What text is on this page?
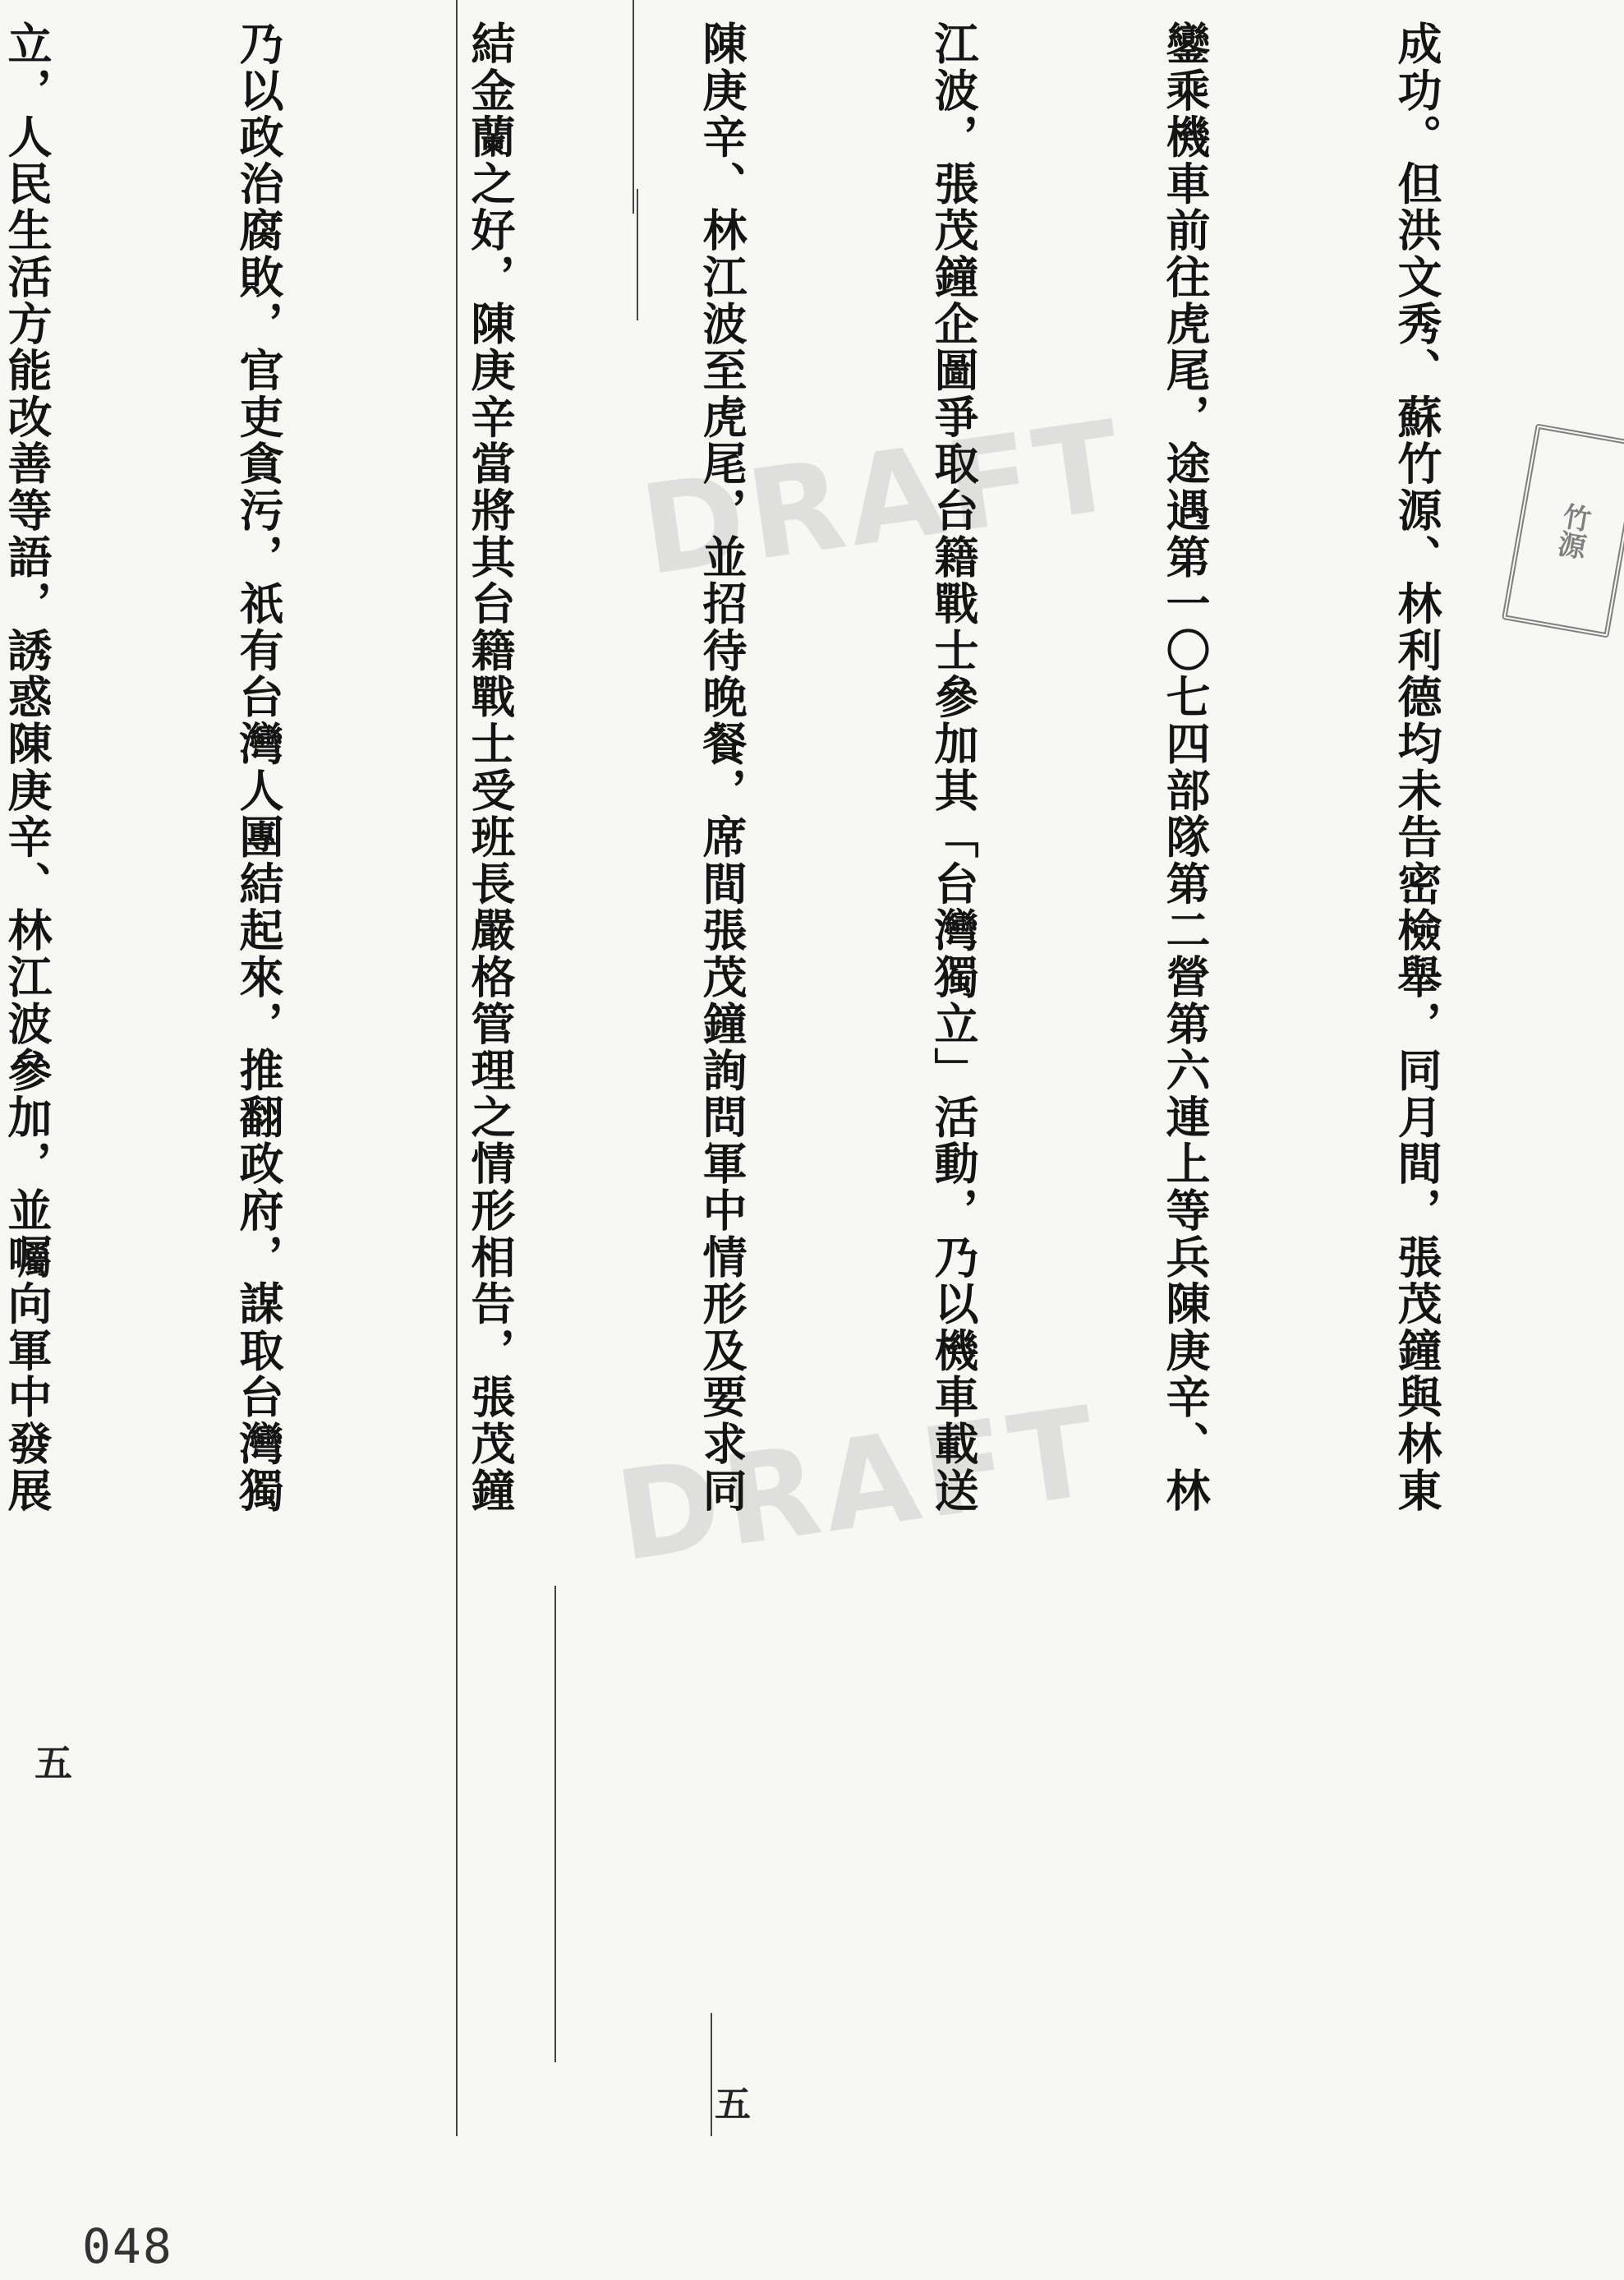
DRAFT
DRAFT
竹源

成功。但洪文秀、蘇竹源、林利德均未告密檢舉，同月間，張茂鐘與林東

鑾乘機車前往虎尾，途遇第一〇七四部隊第二營第六連上等兵陳庚辛、林

江波，張茂鐘企圖爭取台籍戰士參加其「台灣獨立」活動，乃以機車載送

陳庚辛、林江波至虎尾，並招待晚餐，席間張茂鐘詢問軍中情形及要求同

結金蘭之好，陳庚辛當將其台籍戰士受班長嚴格管理之情形相告，張茂鐘

乃以政治腐敗，官吏貪污，祇有台灣人團結起來，推翻政府，謀取台灣獨

立，人民生活方能改善等語，誘惑陳庚辛、林江波參加，並囑向軍中發展

五
五
048
